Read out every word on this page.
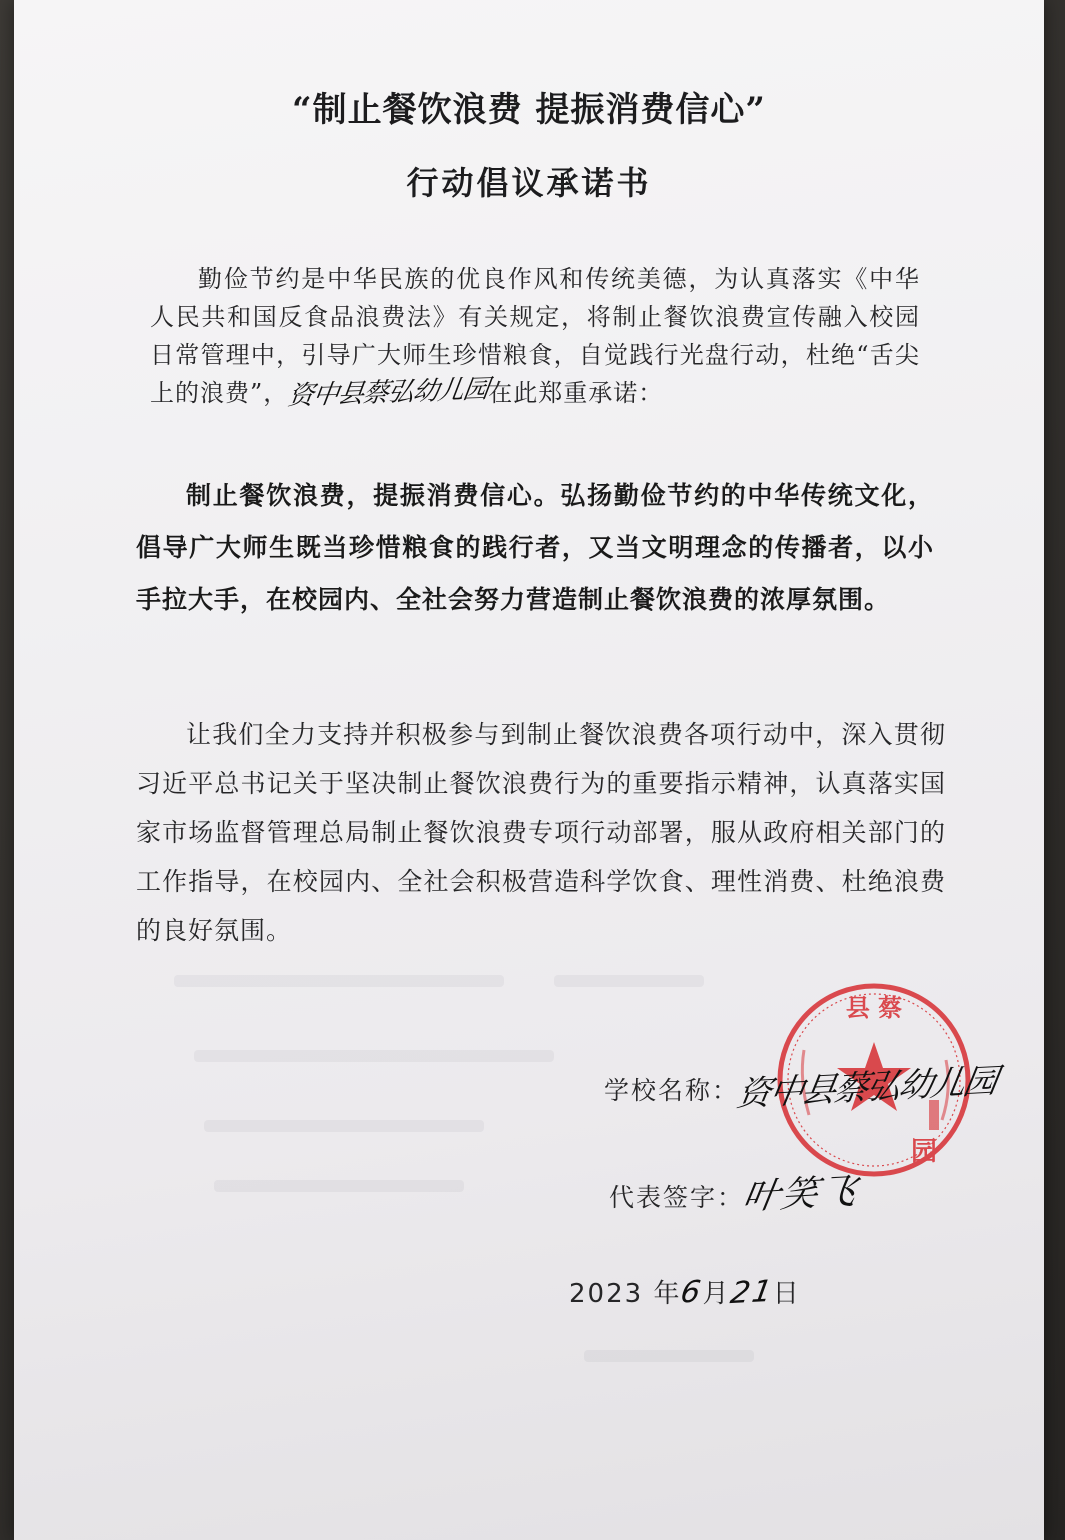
“制止餐饮浪费 提振消费信心”
行动倡议承诺书
勤俭节约是中华民族的优良作风和传统美德，为认真落实《中华人民共和国反食品浪费法》有关规定，将制止餐饮浪费宣传融入校园日常管理中，引导广大师生珍惜粮食，自觉践行光盘行动，杜绝“舌尖上的浪费”，资中县蔡弘幼儿园在此郑重承诺：
制止餐饮浪费，提振消费信心。弘扬勤俭节约的中华传统文化，倡导广大师生既当珍惜粮食的践行者，又当文明理念的传播者，以小手拉大手，在校园内、全社会努力营造制止餐饮浪费的浓厚氛围。
让我们全力支持并积极参与到制止餐饮浪费各项行动中，深入贯彻习近平总书记关于坚决制止餐饮浪费行为的重要指示精神，认真落实国家市场监督管理总局制止餐饮浪费专项行动部署，服从政府相关部门的工作指导，在校园内、全社会积极营造科学饮食、理性消费、杜绝浪费的良好氛围。
县 蔡
园
学校名称：资中县蔡弘幼儿园
代表签字：叶笑飞
2023 年6月21日
